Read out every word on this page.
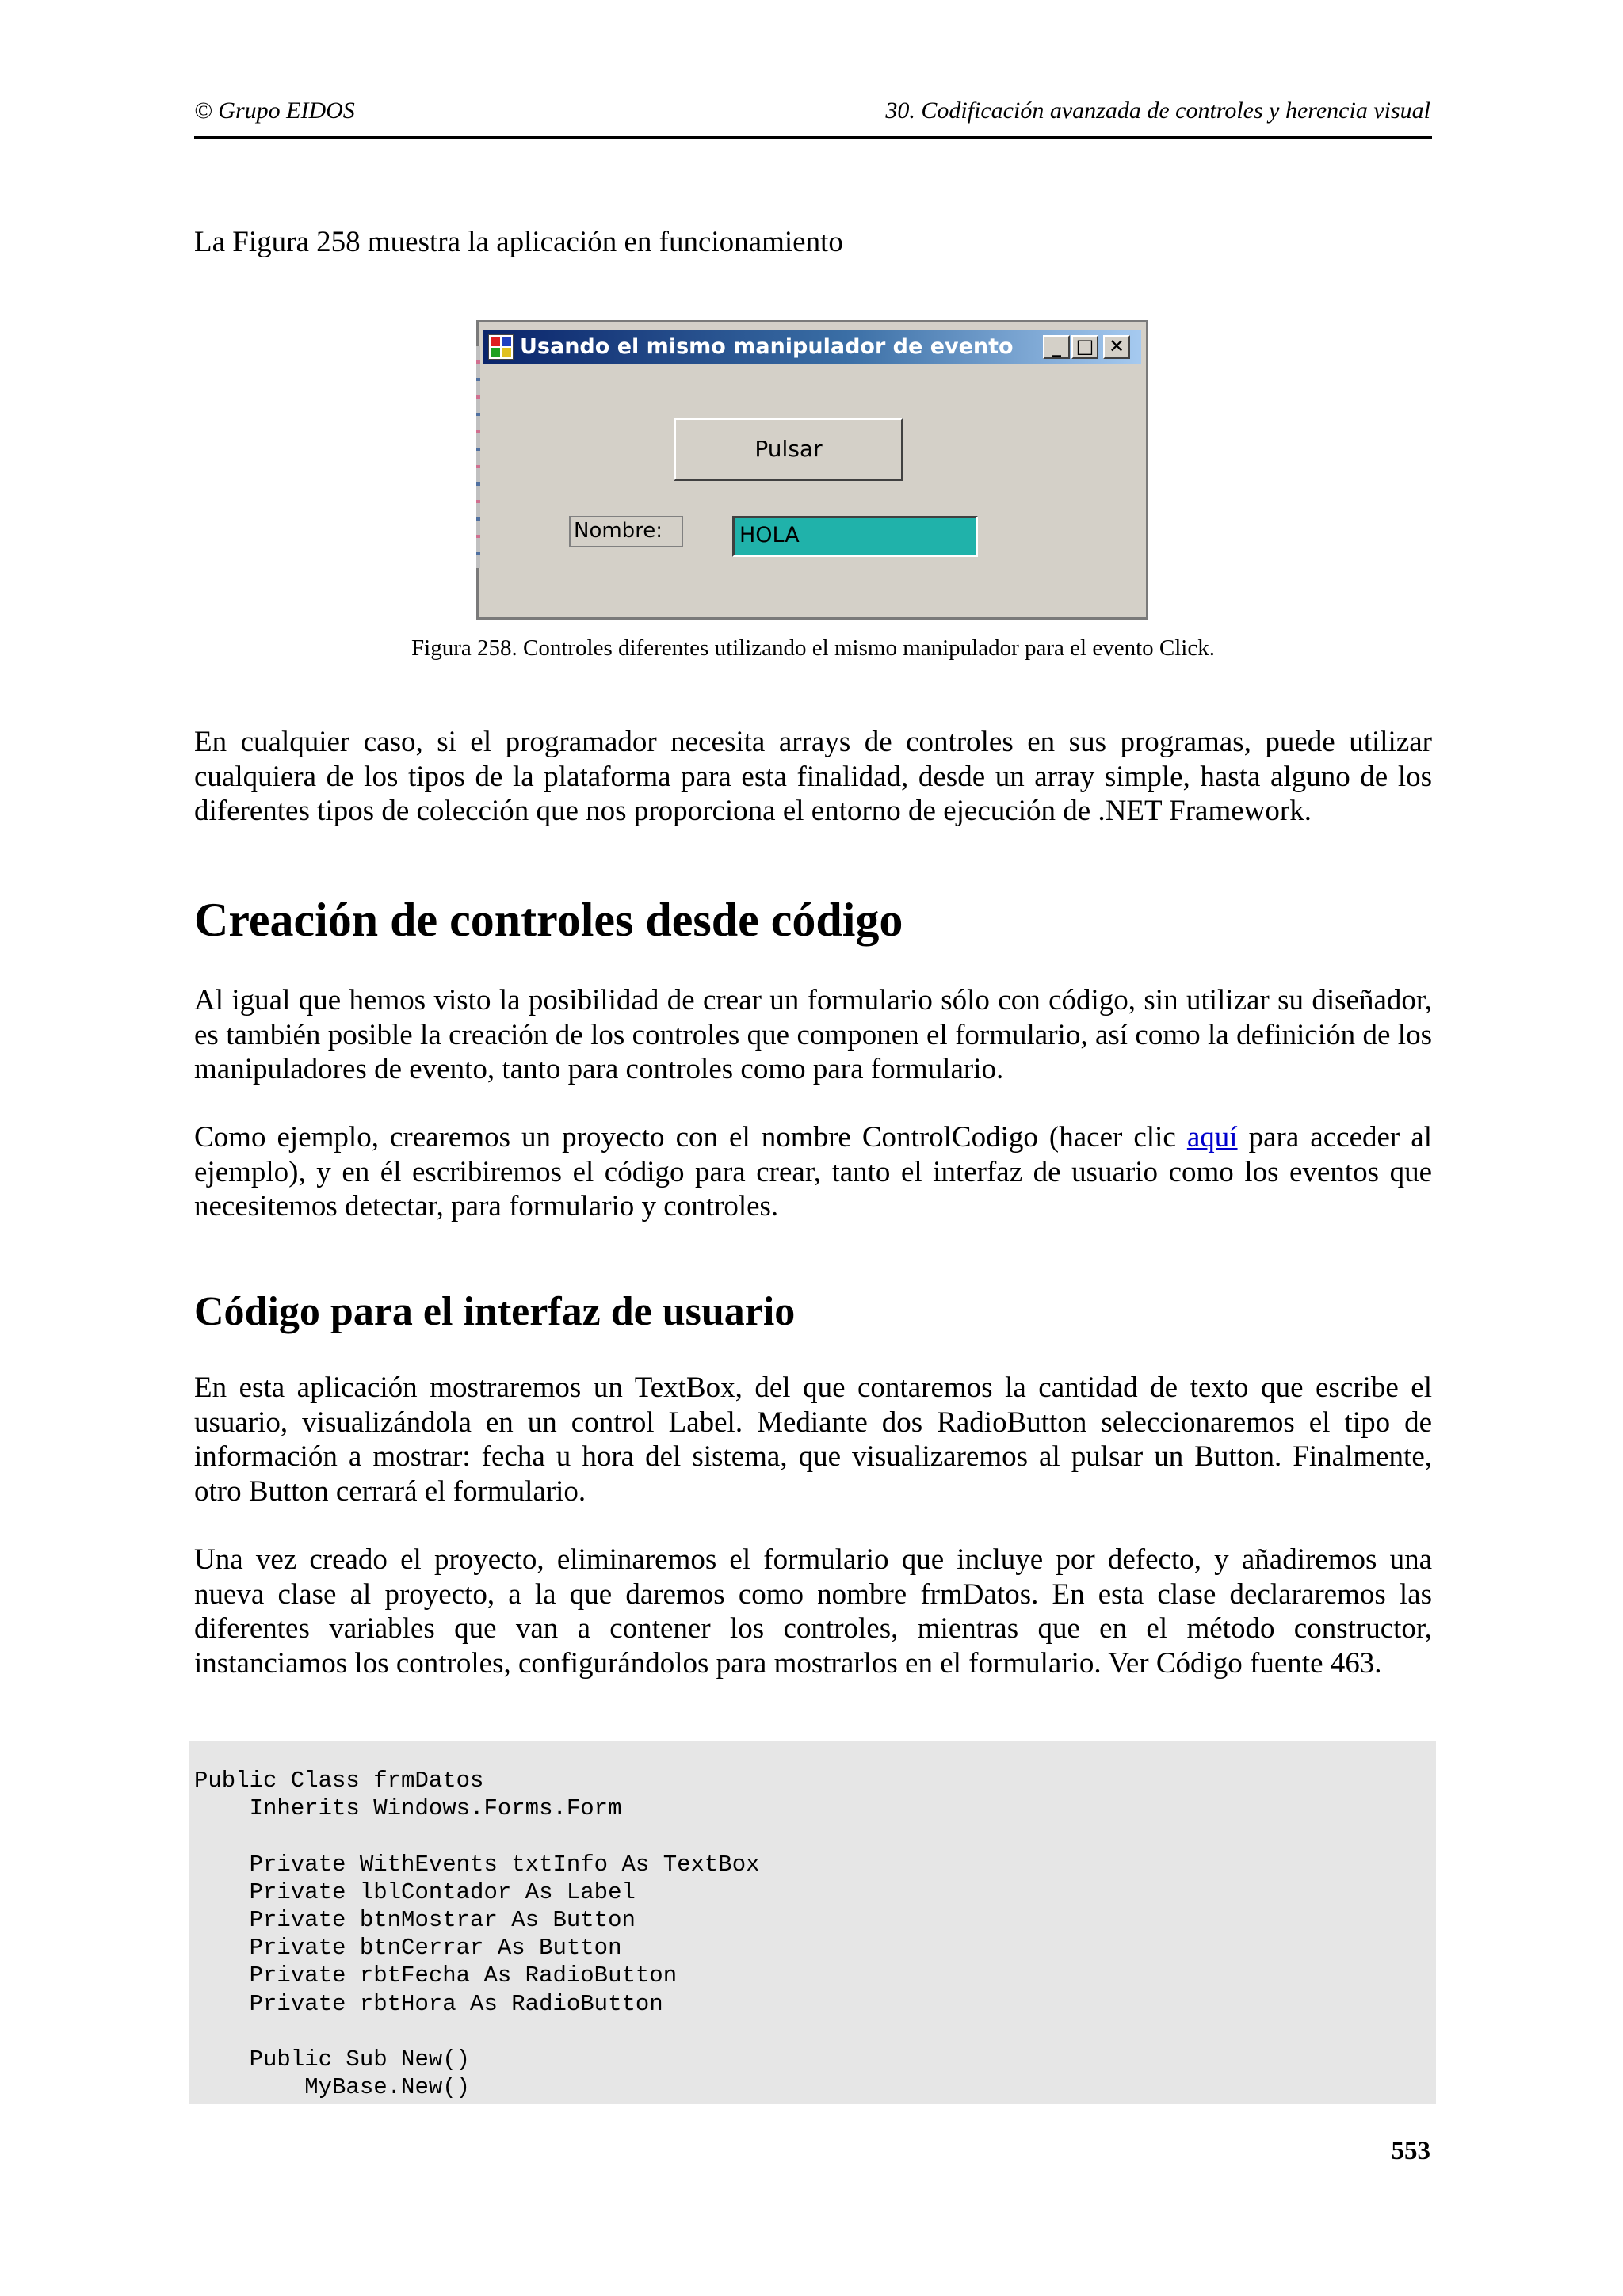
© Grupo EIDOS	30. Codificación avanzada de controles y herencia visual

La Figura 258 muestra la aplicación en funcionamiento

Usando el mismo manipulador de evento	_ □ ✕
Pulsar
Nombre:	HOLA
Figura 258. Controles diferentes utilizando el mismo manipulador para el evento Click.

En cualquier caso, si el programador necesita arrays de controles en sus programas, puede utilizar cualquiera de los tipos de la plataforma para esta finalidad, desde un array simple, hasta alguno de los diferentes tipos de colección que nos proporciona el entorno de ejecución de .NET Framework.

Creación de controles desde código

Al igual que hemos visto la posibilidad de crear un formulario sólo con código, sin utilizar su diseñador, es también posible la creación de los controles que componen el formulario, así como la definición de los manipuladores de evento, tanto para controles como para formulario.

Como ejemplo, crearemos un proyecto con el nombre ControlCodigo (hacer clic aquí para acceder al ejemplo), y en él escribiremos el código para crear, tanto el interfaz de usuario como los eventos que necesitemos detectar, para formulario y controles.

Código para el interfaz de usuario

En esta aplicación mostraremos un TextBox, del que contaremos la cantidad de texto que escribe el usuario, visualizándola en un control Label. Mediante dos RadioButton seleccionaremos el tipo de información a mostrar: fecha u hora del sistema, que visualizaremos al pulsar un Button. Finalmente, otro Button cerrará el formulario.

Una vez creado el proyecto, eliminaremos el formulario que incluye por defecto, y añadiremos una nueva clase al proyecto, a la que daremos como nombre frmDatos. En esta clase declararemos las diferentes variables que van a contener los controles, mientras que en el método constructor, instanciamos los controles, configurándolos para mostrarlos en el formulario. Ver Código fuente 463.

Public Class frmDatos
Inherits Windows.Forms.Form
Private WithEvents txtInfo As TextBox
Private lblContador As Label
Private btnMostrar As Button
Private btnCerrar As Button
Private rbtFecha As RadioButton
Private rbtHora As RadioButton
Public Sub New()
MyBase.New()
553
